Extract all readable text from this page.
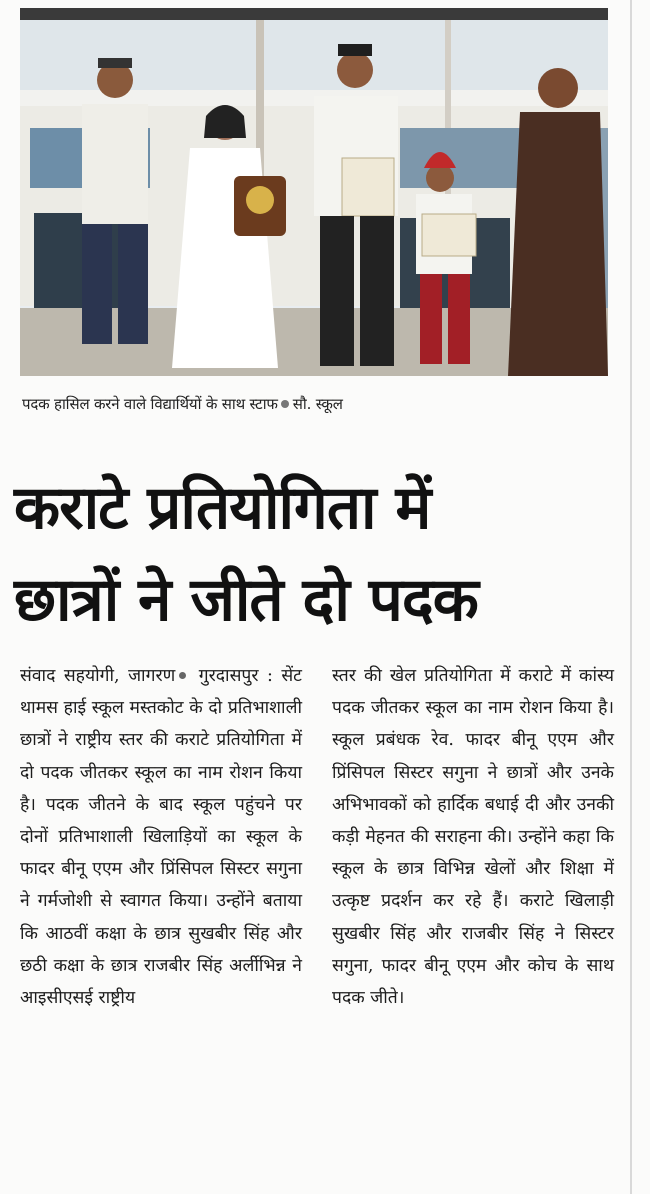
पदक हासिल करने वाले विद्यार्थियों के साथ स्टाफ सौ. स्कूल
कराटे प्रतियोगिता में
छात्रों ने जीते दो पदक

संवाद सहयोगी, जागरण गुरदासपुर : सेंट थामस हाई स्कूल मस्तकोट के दो प्रतिभाशाली छात्रों ने राष्ट्रीय स्तर की कराटे प्रतियोगिता में दो पदक जीतकर स्कूल का नाम रोशन किया है। पदक जीतने के बाद स्कूल पहुंचने पर दोनों प्रतिभाशाली खिलाड़ियों का स्कूल के फादर बीनू एएम और प्रिंसिपल सिस्टर सगुना ने गर्मजोशी से स्वागत किया। उन्होंने बताया कि आठवीं कक्षा के छात्र सुखबीर सिंह और छठी कक्षा के छात्र राजबीर सिंह अर्लीभिन्न ने आइसीएसई राष्ट्रीय

स्तर की खेल प्रतियोगिता में कराटे में कांस्य पदक जीतकर स्कूल का नाम रोशन किया है। स्कूल प्रबंधक रेव. फादर बीनू एएम और प्रिंसिपल सिस्टर सगुना ने छात्रों और उनके अभिभावकों को हार्दिक बधाई दी और उनकी कड़ी मेहनत की सराहना की। उन्होंने कहा कि स्कूल के छात्र विभिन्न खेलों और शिक्षा में उत्कृष्ट प्रदर्शन कर रहे हैं। कराटे खिलाड़ी सुखबीर सिंह और राजबीर सिंह ने सिस्टर सगुना, फादर बीनू एएम और कोच के साथ पदक जीते।
